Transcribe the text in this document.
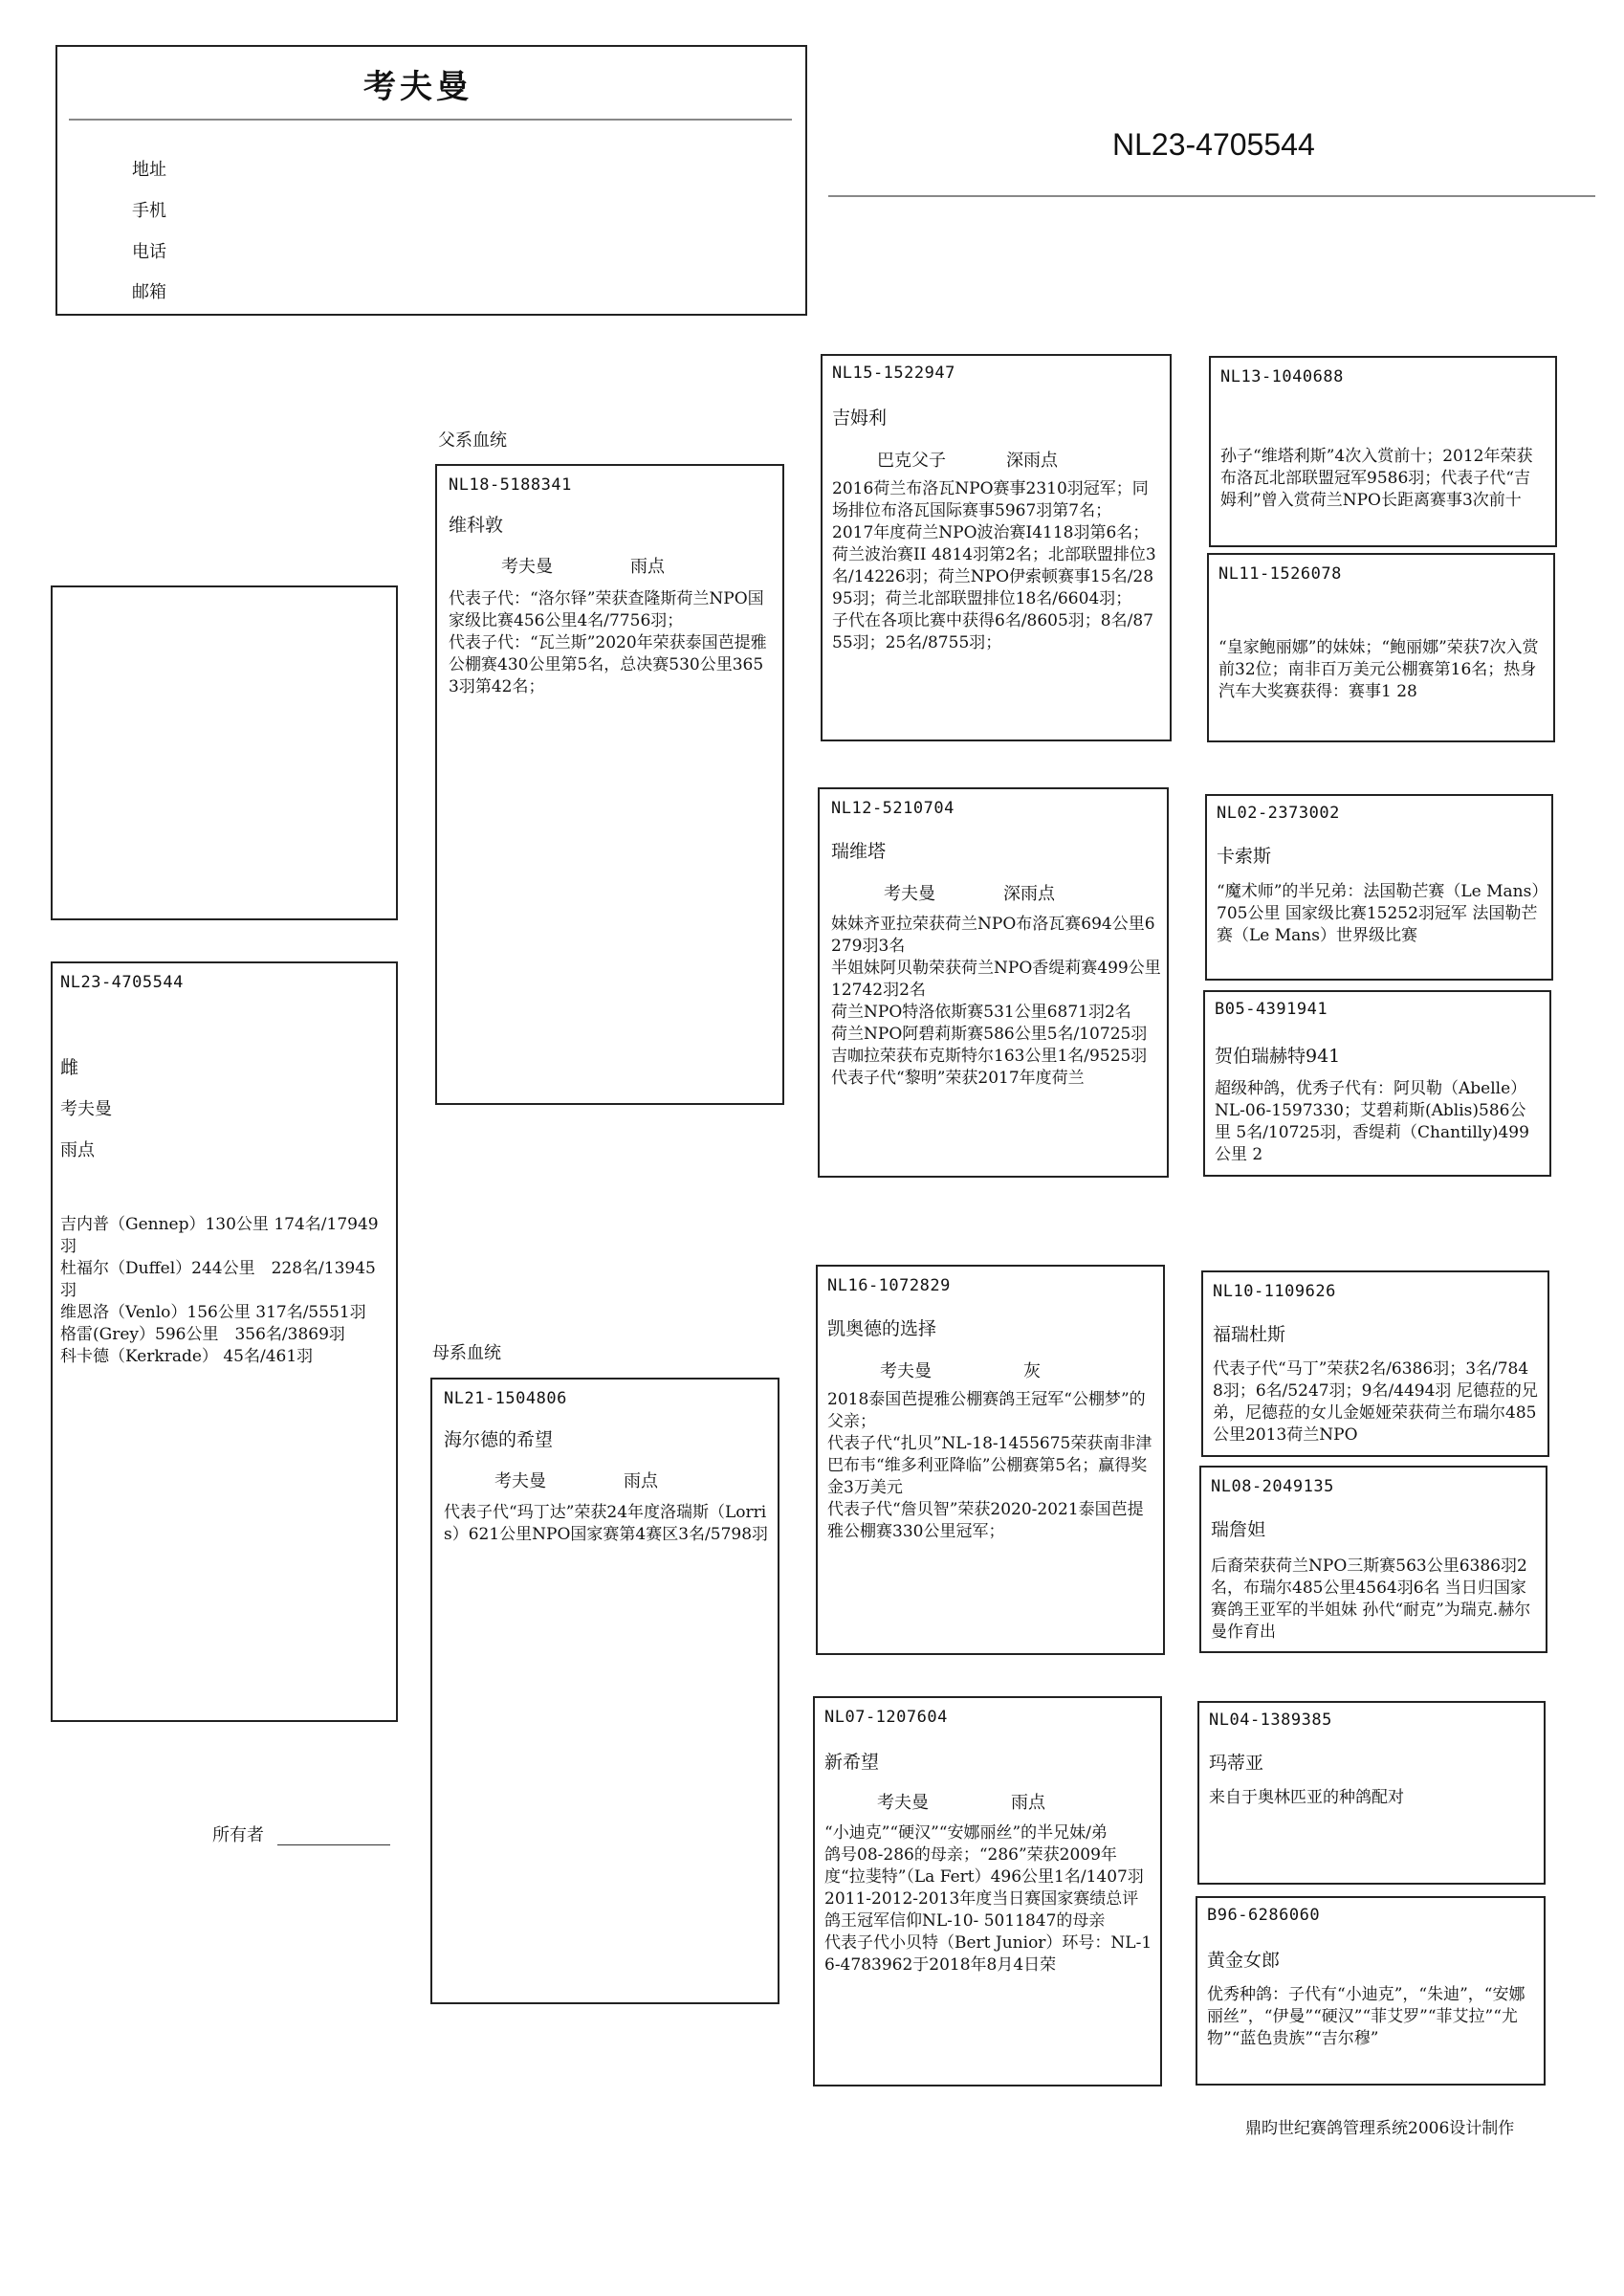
考夫曼
地址
手机
电话
邮箱
NL23-4705544
NL23-4705544
雌
考夫曼
雨点
吉内普（Gennep）130公里 174名/17949羽
杜福尔（Duffel）244公里　228名/13945羽
维恩洛（Venlo）156公里 317名/5551羽
格雷(Grey）596公里　356名/3869羽
科卡德（Kerkrade） 45名/461羽
所有者
父系血统
NL18-5188341
维科敦
考夫曼	雨点
代表子代：“洛尔铎”荣获查隆斯荷兰NPO国家级比赛456公里4名/7756羽；
代表子代：“瓦兰斯”2020年荣获泰国芭提雅公棚赛430公里第5名，总决赛530公里3653羽第42名；
母系血统
NL21-1504806
海尔德的希望
考夫曼	雨点
代表子代“玛丁达”荣获24年度洛瑞斯（Lorris）621公里NPO国家赛第4赛区3名/5798羽
NL15-1522947
吉姆利
巴克父子	深雨点
2016荷兰布洛瓦NPO赛事2310羽冠军；同场排位布洛瓦国际赛事5967羽第7名；
2017年度荷兰NPO波治赛I4118羽第6名；荷兰波治赛II 4814羽第2名；北部联盟排位3名/14226羽；荷兰NPO伊索顿赛事15名/2895羽；荷兰北部联盟排位18名/6604羽；
子代在各项比赛中获得6名/8605羽；8名/8755羽；25名/8755羽；
NL12-5210704
瑞维塔
考夫曼	深雨点
妹妹齐亚拉荣获荷兰NPO布洛瓦赛694公里6279羽3名
半姐妹阿贝勒荣获荷兰NPO香缇莉赛499公里12742羽2名
荷兰NPO特洛依斯赛531公里6871羽2名
荷兰NPO阿碧莉斯赛586公里5名/10725羽
吉咖拉荣获布克斯特尔163公里1名/9525羽
代表子代“黎明”荣获2017年度荷兰
NL16-1072829
凯奥德的选择
考夫曼	灰
2018泰国芭提雅公棚赛鸽王冠军“公棚梦”的父亲；
代表子代“扎贝”NL-18-1455675荣获南非津巴布韦“维多利亚降临”公棚赛第5名；赢得奖金3万美元
代表子代“詹贝智”荣获2020-2021泰国芭提雅公棚赛330公里冠军；
NL07-1207604
新希望
考夫曼	雨点
“小迪克”“硬汉”“安娜丽丝”的半兄妹/弟
鸽号08-286的母亲；“286”荣获2009年度“拉斐特”（La Fert）496公里1名/1407羽
2011-2012-2013年度当日赛国家赛绩总评鸽王冠军信仰NL-10- 5011847的母亲
代表子代小贝特（Bert Junior）环号：NL-16-4783962于2018年8月4日荣
NL13-1040688
孙子“维塔利斯”4次入赏前十；2012年荣获布洛瓦北部联盟冠军9586羽；代表子代“吉姆利”曾入赏荷兰NPO长距离赛事3次前十
NL11-1526078
“皇家鲍丽娜”的妹妹；“鲍丽娜”荣获7次入赏前32位；南非百万美元公棚赛第16名；热身汽车大奖赛获得：赛事1 28
NL02-2373002
卡索斯
“魔术师”的半兄弟：法国勒芒赛（Le Mans）705公里 国家级比赛15252羽冠军 法国勒芒赛（Le Mans）世界级比赛
B05-4391941
贺伯瑞赫特941
超级种鸽，优秀子代有：阿贝勒（Abelle）NL-06-1597330；艾碧莉斯(Ablis)586公里 5名/10725羽，香缇莉（Chantilly)499公里 2
NL10-1109626
福瑞杜斯
代表子代“马丁”荣获2名/6386羽；3名/7848羽；6名/5247羽；9名/4494羽 尼德菈的兄弟，尼德菈的女儿金姬娅荣获荷兰布瑞尔485公里2013荷兰NPO
NL08-2049135
瑞詹妲
后裔荣获荷兰NPO三斯赛563公里6386羽2名，布瑞尔485公里4564羽6名 当日归国家赛鸽王亚军的半姐妹 孙代“耐克”为瑞克.赫尔曼作育出
NL04-1389385
玛蒂亚
来自于奥林匹亚的种鸽配对
B96-6286060
黄金女郎
优秀种鸽：子代有“小迪克”，“朱迪”，“安娜丽丝”，“伊曼”“硬汉”“菲艾罗”“菲艾拉”“尤物”“蓝色贵族”“吉尔穆”
鼎昀世纪赛鸽管理系统2006设计制作
